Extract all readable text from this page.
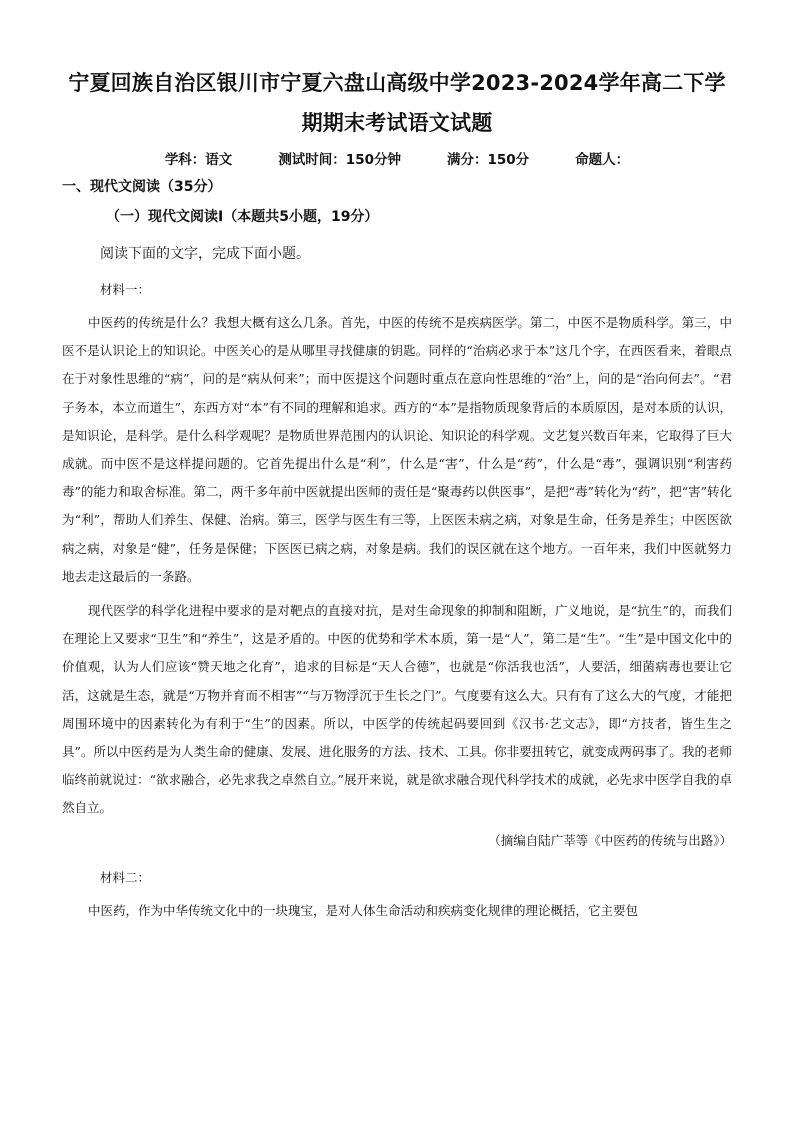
宁夏回族自治区银川市宁夏六盘山高级中学2023-2024学年高二下学
期期末考试语文试题
学科：语文	测试时间：150分钟	满分：150分	命题人：
一、现代文阅读（35分）
（一）现代文阅读Ⅰ（本题共5小题，19分）
阅读下面的文字，完成下面小题。
材料一：

中医药的传统是什么？我想大概有这么几条。首先，中医的传统不是疾病医学。第二，中医不是物质科学。第三，中医不是认识论上的知识论。中医关心的是从哪里寻找健康的钥匙。同样的“治病必求于本”这几个字，在西医看来，着眼点在于对象性思维的“病”，问的是“病从何来”；而中医提这个问题时重点在意向性思维的“治”上，问的是“治向何去”。“君子务本，本立而道生”，东西方对“本”有不同的理解和追求。西方的“本”是指物质现象背后的本质原因，是对本质的认识，是知识论，是科学。是什么科学观呢？是物质世界范围内的认识论、知识论的科学观。文艺复兴数百年来，它取得了巨大成就。而中医不是这样提问题的。它首先提出什么是“利”，什么是“害”，什么是“药”，什么是“毒”，强调识别“利害药毒”的能力和取舍标准。第二，两千多年前中医就提出医师的责任是“聚毒药以供医事”，是把“毒”转化为“药”，把“害”转化为“利”，帮助人们养生、保健、治病。第三，医学与医生有三等，上医医未病之病，对象是生命，任务是养生；中医医欲病之病，对象是“健”，任务是保健；下医医已病之病，对象是病。我们的误区就在这个地方。一百年来，我们中医就努力地去走这最后的一条路。

现代医学的科学化进程中要求的是对靶点的直接对抗，是对生命现象的抑制和阻断，广义地说，是“抗生”的，而我们在理论上又要求“卫生”和“养生”，这是矛盾的。中医的优势和学术本质，第一是“人”，第二是“生”。“生”是中国文化中的价值观，认为人们应该“赞天地之化育”，追求的目标是“天人合德”，也就是“你活我也活”，人要活，细菌病毒也要让它活，这就是生态，就是“万物并育而不相害”“与万物浮沉于生长之门”。气度要有这么大。只有有了这么大的气度，才能把周围环境中的因素转化为有利于“生”的因素。所以，中医学的传统起码要回到《汉书·艺文志》，即“方技者，皆生生之具”。所以中医药是为人类生命的健康、发展、进化服务的方法、技术、工具。你非要扭转它，就变成两码事了。我的老师临终前就说过：“欲求融合，必先求我之卓然自立。”展开来说，就是欲求融合现代科学技术的成就，必先求中医学自我的卓然自立。

（摘编自陆广莘等《中医药的传统与出路》）
材料二：

中医药，作为中华传统文化中的一块瑰宝，是对人体生命活动和疾病变化规律的理论概括，它主要包
